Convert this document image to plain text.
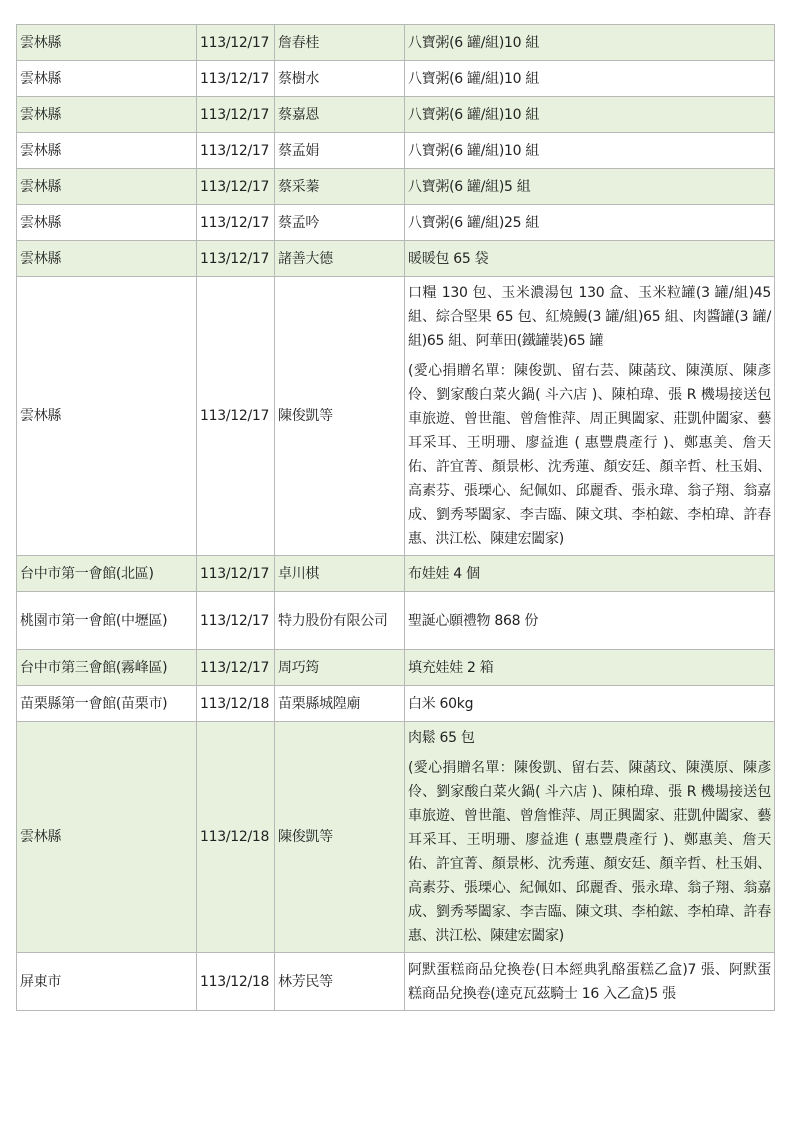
雲林縣	113/12/17	詹春桂	八寶粥(6 罐/組)10 組

雲林縣	113/12/17	蔡樹水	八寶粥(6 罐/組)10 組

雲林縣	113/12/17	蔡嘉恩	八寶粥(6 罐/組)10 組

雲林縣	113/12/17	蔡孟娟	八寶粥(6 罐/組)10 組

雲林縣	113/12/17	蔡采蓁	八寶粥(6 罐/組)5 組

雲林縣	113/12/17	蔡孟吟	八寶粥(6 罐/組)25 組

雲林縣	113/12/17	諸善大德	暖暖包 65 袋

雲林縣	113/12/17	陳俊凱等	口糧 130 包、玉米濃湯包 130 盒、玉米粒罐(3 罐/組)45 組、綜合堅果 65 包、紅燒鰻(3 罐/組)65 組、肉醬罐(3 罐/組)65 組、阿華田(鐵罐裝)65 罐
(愛心捐贈名單：陳俊凱、留右芸、陳菡玟、陳漢原、陳彥伶、劉家酸白菜火鍋( 斗六店 )、陳柏瑋、張 R 機場接送包車旅遊、曾世龍、曾詹惟萍、周正興闔家、莊凱仲闔家、藝耳采耳、王明珊、廖益進 ( 惠豐農產行 )、鄭惠美、詹天佑、許宜菁、顏景彬、沈秀蓮、顏安廷、顏辛哲、杜玉娟、高素芬、張瑮心、紀佩如、邱麗香、張永瑋、翁子翔、翁嘉成、劉秀琴闔家、李吉臨、陳文琪、李柏鋐、李柏瑋、許春惠、洪江松、陳建宏闔家)

台中市第一會館(北區)	113/12/17	卓川棋	布娃娃 4 個

桃園市第一會館(中壢區)	113/12/17	特力股份有限公司	聖誕心願禮物 868 份

台中市第三會館(霧峰區)	113/12/17	周巧筠	填充娃娃 2 箱

苗栗縣第一會館(苗栗市)	113/12/18	苗栗縣城隍廟	白米 60kg

雲林縣	113/12/18	陳俊凱等	肉鬆 65 包
(愛心捐贈名單：陳俊凱、留右芸、陳菡玟、陳漢原、陳彥伶、劉家酸白菜火鍋( 斗六店 )、陳柏瑋、張 R 機場接送包車旅遊、曾世龍、曾詹惟萍、周正興闔家、莊凱仲闔家、藝耳采耳、王明珊、廖益進 ( 惠豐農產行 )、鄭惠美、詹天佑、許宜菁、顏景彬、沈秀蓮、顏安廷、顏辛哲、杜玉娟、高素芬、張瑮心、紀佩如、邱麗香、張永瑋、翁子翔、翁嘉成、劉秀琴闔家、李吉臨、陳文琪、李柏鋐、李柏瑋、許春惠、洪江松、陳建宏闔家)

屏東市	113/12/18	林芳民等	阿默蛋糕商品兌換卷(日本經典乳酪蛋糕乙盒)7 張、阿默蛋糕商品兌換卷(達克瓦茲騎士 16 入乙盒)5 張
